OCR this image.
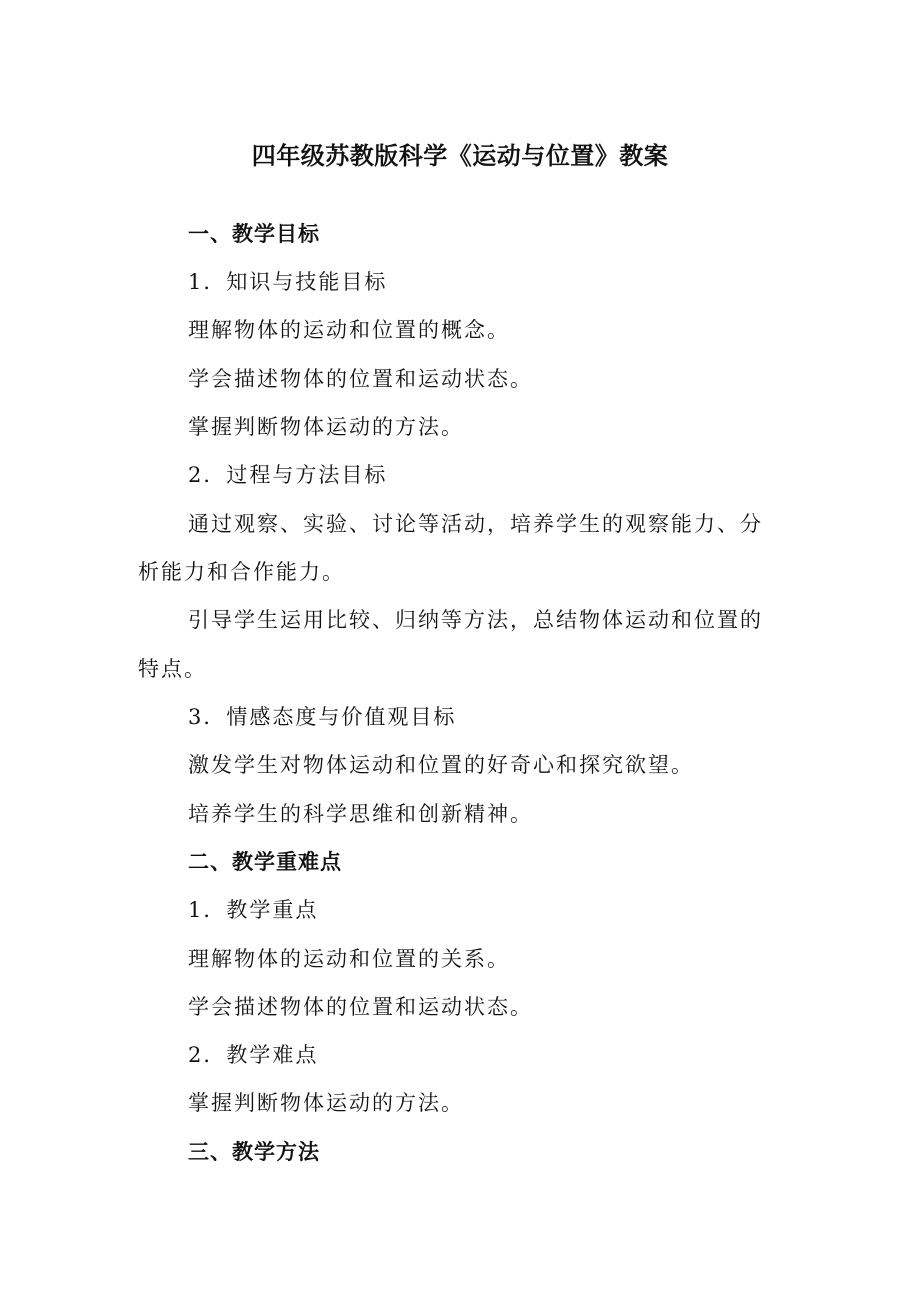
四年级苏教版科学《运动与位置》教案
一、教学目标
1．知识与技能目标
理解物体的运动和位置的概念。
学会描述物体的位置和运动状态。
掌握判断物体运动的方法。
2．过程与方法目标
通过观察、实验、讨论等活动，培养学生的观察能力、分
析能力和合作能力。
引导学生运用比较、归纳等方法，总结物体运动和位置的
特点。
3．情感态度与价值观目标
激发学生对物体运动和位置的好奇心和探究欲望。
培养学生的科学思维和创新精神。
二、教学重难点
1．教学重点
理解物体的运动和位置的关系。
学会描述物体的位置和运动状态。
2．教学难点
掌握判断物体运动的方法。
三、教学方法
